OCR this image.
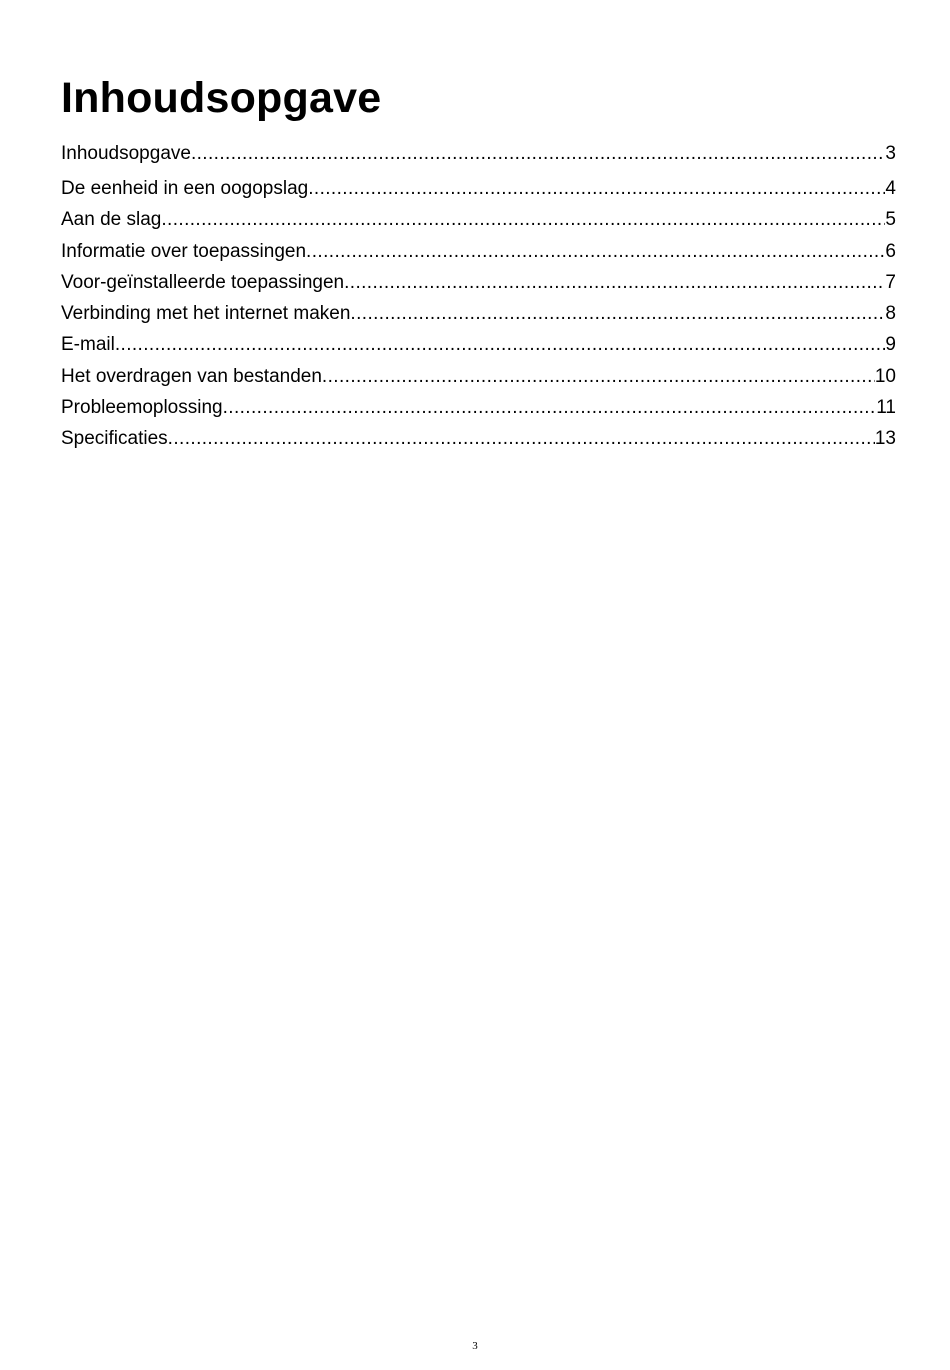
Inhoudsopgave
Inhoudsopgave .....	3
De eenheid in een oogopslag .....	4
Aan de slag .....	5
Informatie over toepassingen .....	6
Voor-geïnstalleerde toepassingen .....	7
Verbinding met het internet maken .....	8
E-mail .....	9
Het overdragen van bestanden .....	10
Probleemoplossing .....	11
Specificaties .....	13
3
